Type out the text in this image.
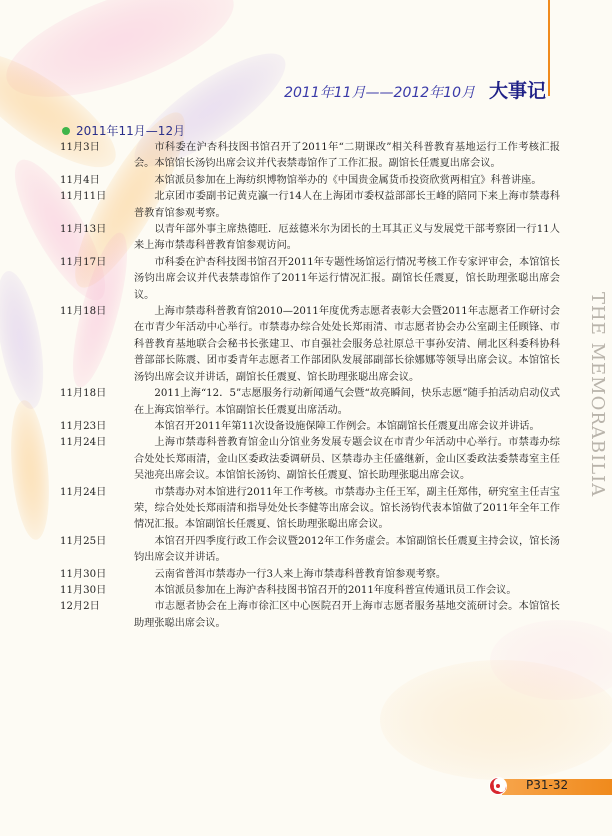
2011年11月——2012年10月 大事记
THE MEMORABILIA
2011年11月—12月
11月3日	市科委在沪杏科技图书馆召开了2011年“二期课改”相关科普教育基地运行工作考核汇报会。本馆馆长汤钧出席会议并代表禁毒馆作了工作汇报。副馆长任震夏出席会议。
11月4日	本馆派员参加在上海纺织博物馆举办的《中国贵金属货币投资欣赏两相宜》科普讲座。
11月11日	北京团市委副书记黄克瀛一行14人在上海团市委权益部部长王峰的陪同下来上海市禁毒科普教育馆参观考察。
11月13日	以青年部外事主席热德旺．厄兹德米尔为团长的土耳其正义与发展党干部考察团一行11人来上海市禁毒科普教育馆参观访问。
11月17日	市科委在沪杏科技图书馆召开2011年专题性场馆运行情况考核工作专家评审会，本馆馆长汤钧出席会议并代表禁毒馆作了2011年运行情况汇报。副馆长任震夏，馆长助理张聪出席会议。
11月18日	上海市禁毒科普教育馆2010—2011年度优秀志愿者表彰大会暨2011年志愿者工作研讨会在市青少年活动中心举行。市禁毒办综合处处长郑雨清、市志愿者协会办公室副主任顾锋、市科普教育基地联合会秘书长张建卫、市自强社会服务总社原总干事孙安清、闸北区科委科协科普部部长陈震、团市委青年志愿者工作部团队发展部副部长徐娜娜等领导出席会议。本馆馆长汤钧出席会议并讲话，副馆长任震夏、馆长助理张聪出席会议。
11月18日	2011上海“12．5”志愿服务行动新闻通气会暨“故亮瞬间，快乐志愿”随手拍活动启动仪式在上海宾馆举行。本馆副馆长任震夏出席活动。
11月23日	本馆召开2011年第11次设备设施保障工作例会。本馆副馆长任震夏出席会议并讲话。
11月24日	上海市禁毒科普教育馆金山分馆业务发展专题会议在市青少年活动中心举行。市禁毒办综合处处长郑雨清，金山区委政法委调研员、区禁毒办主任盛继新，金山区委政法委禁毒室主任吴池亮出席会议。本馆馆长汤钧、副馆长任震夏、馆长助理张聪出席会议。
11月24日	市禁毒办对本馆进行2011年工作考核。市禁毒办主任王军，副主任郑伟，研究室主任吉宝荣，综合处处长郑雨清和指导处处长李健等出席会议。馆长汤钧代表本馆做了2011年全年工作情况汇报。本馆副馆长任震夏、馆长助理张聪出席会议。
11月25日	本馆召开四季度行政工作会议暨2012年工作务虚会。本馆副馆长任震夏主持会议，馆长汤钧出席会议并讲话。
11月30日	云南省普洱市禁毒办一行3人来上海市禁毒科普教育馆参观考察。
11月30日	本馆派员参加在上海沪杏科技图书馆召开的2011年度科普宣传通讯员工作会议。
12月2日	市志愿者协会在上海市徐汇区中心医院召开上海市志愿者服务基地交流研讨会。本馆馆长助理张聪出席会议。
P31-32
